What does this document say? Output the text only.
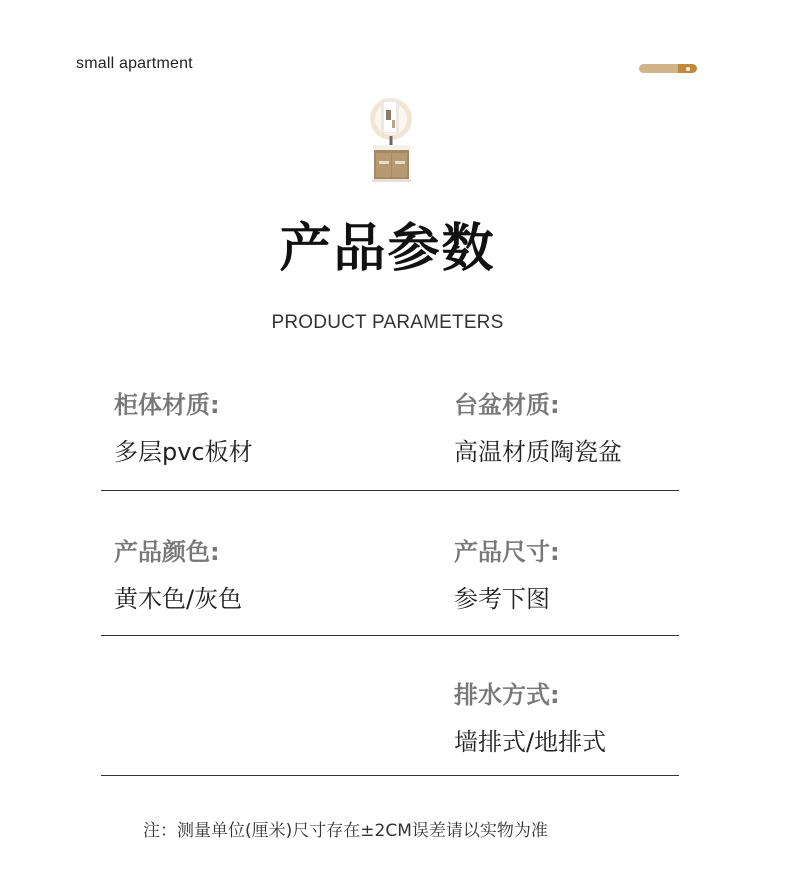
small apartment
产品参数
PRODUCT PARAMETERS
柜体材质:
多层pvc板材
台盆材质:
高温材质陶瓷盆
产品颜色:
黄木色/灰色
产品尺寸:
参考下图
排水方式:
墙排式/地排式
注：测量单位(厘米)尺寸存在±2CM误差请以实物为准
